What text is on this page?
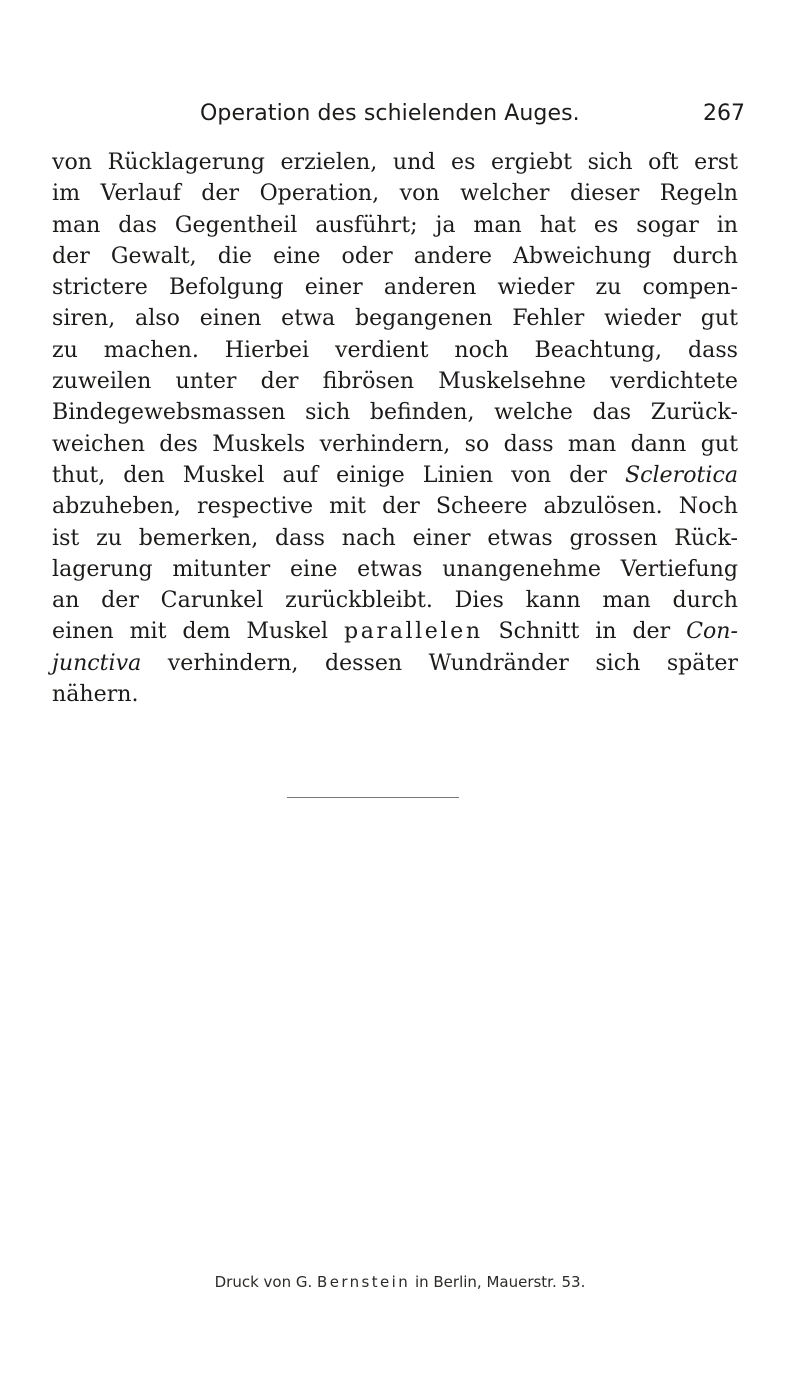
Operation des schielenden Auges.	267
von Rücklagerung erzielen, und es ergiebt sich oft erst
im Verlauf der Operation, von welcher dieser Regeln
man das Gegentheil ausführt; ja man hat es sogar in
der Gewalt, die eine oder andere Abweichung durch
strictere Befolgung einer anderen wieder zu compen-
siren, also einen etwa begangenen Fehler wieder gut
zu machen. Hierbei verdient noch Beachtung, dass
zuweilen unter der fibrösen Muskelsehne verdichtete
Bindegewebsmassen sich befinden, welche das Zurück-
weichen des Muskels verhindern, so dass man dann gut
thut, den Muskel auf einige Linien von der Sclerotica
abzuheben, respective mit der Scheere abzulösen. Noch
ist zu bemerken, dass nach einer etwas grossen Rück-
lagerung mitunter eine etwas unangenehme Vertiefung
an der Carunkel zurückbleibt. Dies kann man durch
einen mit dem Muskel parallelen Schnitt in der Con-
junctiva verhindern, dessen Wundränder sich später
nähern.
Druck von G. Bernstein in Berlin, Mauerstr. 53.
